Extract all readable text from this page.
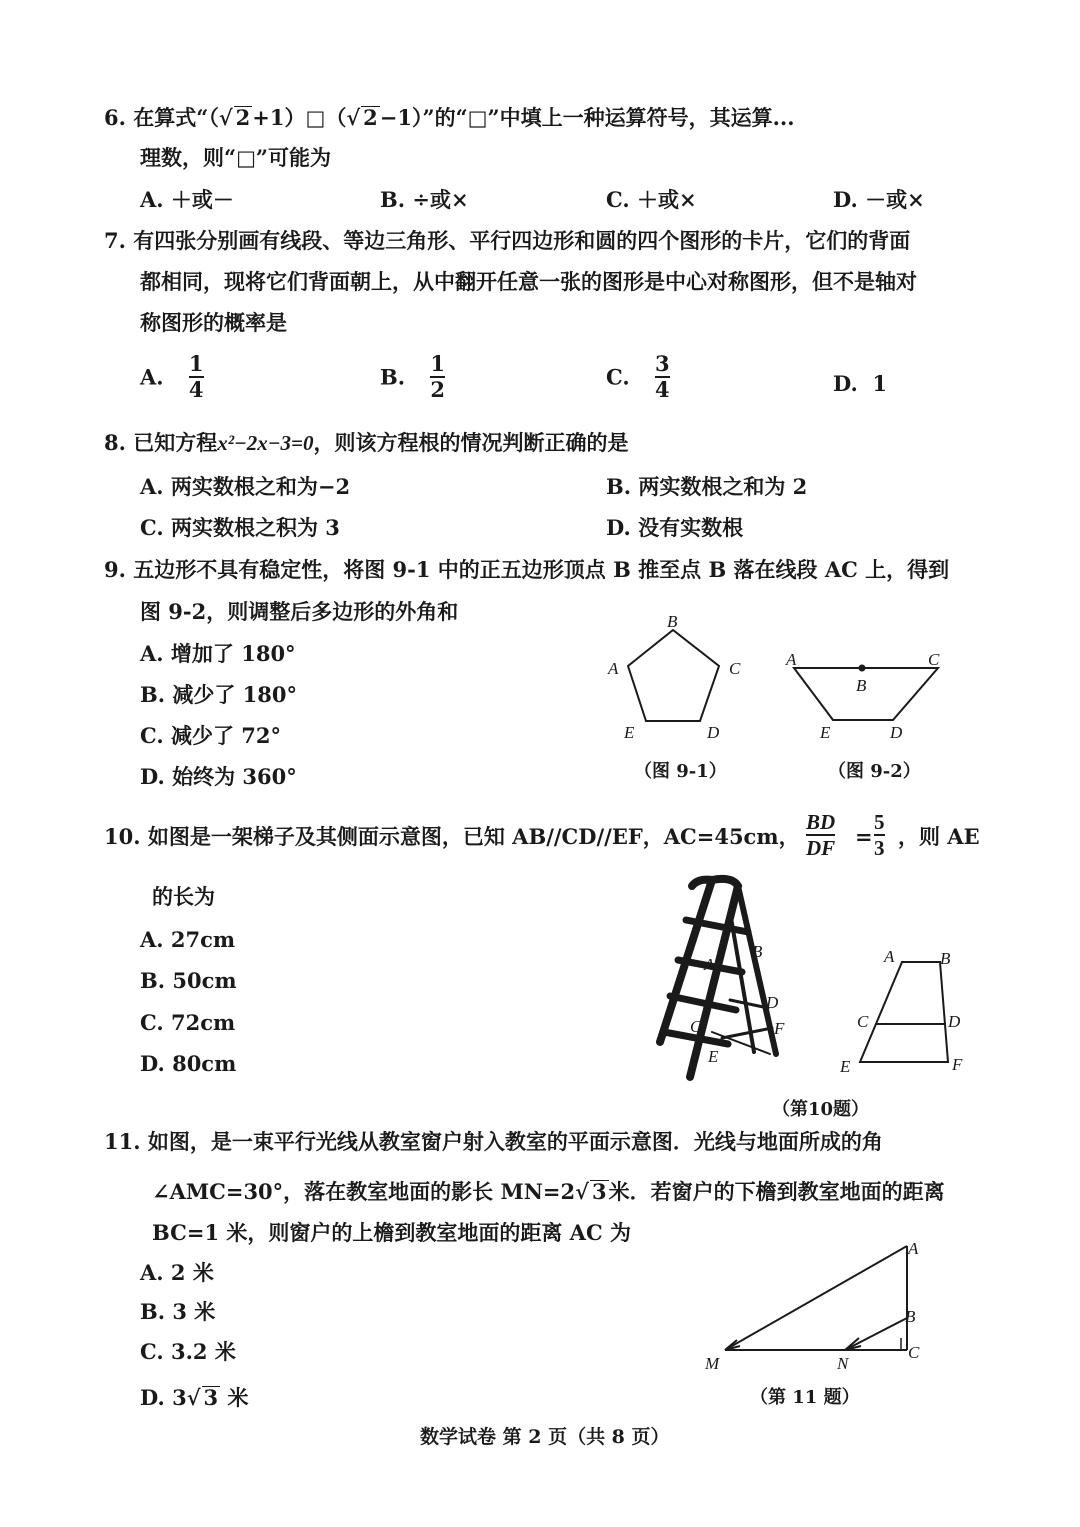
6. 在算式“（√ 2+1）□（√ 2−1）”的“□”中填上一种运算符号，其运算...
理数，则“□”可能为
A. ＋或－	B. ÷或×	C. ＋或×	D. －或×
7. 有四张分别画有线段、等边三角形、平行四边形和圆的四个图形的卡片，它们的背面
都相同，现将它们背面朝上，从中翻开任意一张的图形是中心对称图形，但不是轴对
称图形的概率是
A. $\frac{1}{4}$	B. $\frac{1}{2}$	C. $\frac{3}{4}$	D. 1
8. 已知方程x²−2x−3=0，则该方程根的情况判断正确的是
A. 两实数根之和为−2	B. 两实数根之和为 2
C. 两实数根之积为 3	D. 没有实数根
9. 五边形不具有稳定性，将图 9-1 中的正五边形顶点 B 推至点 B 落在线段 AC 上，得到
图 9-2，则调整后多边形的外角和
A. 增加了 180°
B. 减少了 180°
C. 减少了 72°
D. 始终为 360°
B
A	C
E	D
A	C
B
E	D
（图 9-1）	（图 9-2）
10. 如图是一架梯子及其侧面示意图，已知 AB//CD//EF，AC=45cm， $\frac{BD}{DF} = \frac{5}{3}$ ，则 AE
的长为
A. 27cm
B. 50cm
C. 72cm
D. 80cm
B
A
D
C	F
E
A	B
C	D
E	F
（第10题）
11. 如图，是一束平行光线从教室窗户射入教室的平面示意图．光线与地面所成的角
∠AMC=30°，落在教室地面的影长 MN=2√ 3米．若窗户的下檐到教室地面的距离
BC=1 米，则窗户的上檐到教室地面的距离 AC 为
A. 2 米
B. 3 米
C. 3.2 米
D. 3√ 3 米
A
B
C
M	N
（第 11 题）
数学试卷 第 2 页（共 8 页）
